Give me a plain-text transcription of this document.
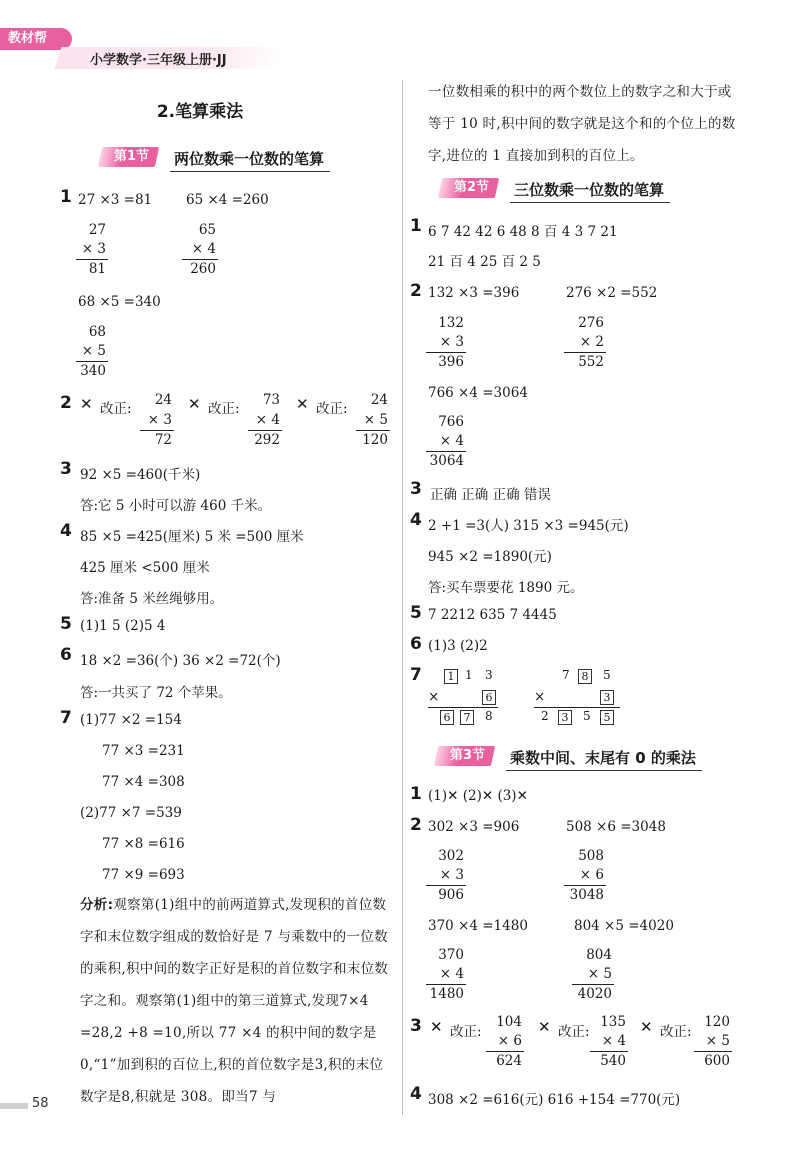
教材帮
小学数学·三年级上册·JJ
2.笔算乘法
第1节	两位数乘一位数的笔算
1 27 ×3 =81	65 ×4 =260
27
× 3
81
65
× 4
260
68 ×5 =340
68
× 5
340
2 ✕ 改正:
24
× 3
72
✕ 改正:
73
× 4
292
✕ 改正:
24
× 5
120
3 92 ×5 =460(千米)
答:它 5 小时可以游 460 千米。
4 85 ×5 =425(厘米) 5 米 =500 厘米
425 厘米 <500 厘米
答:准备 5 米丝绳够用。
5 (1)1 5 (2)5 4
6 18 ×2 =36(个) 36 ×2 =72(个)
答:一共买了 72 个苹果。
7 (1)77 ×2 =154
77 ×3 =231
77 ×4 =308
(2)77 ×7 =539
77 ×8 =616
77 ×9 =693
分析:观察第(1)组中的前两道算式,发现积的首位数字和末位数字组成的数恰好是 7 与乘数中的一位数的乘积,积中间的数字正好是积的首位数字和末位数字之和。观察第(1)组中的第三道算式,发现7×4 =28,2 +8 =10,所以 77 ×4 的积中间的数字是 0,“1”加到积的百位上,积的首位数字是3,积的末位数字是8,积就是 308。即当7 与
一位数相乘的积中的两个数位上的数字之和大于或等于 10 时,积中间的数字就是这个和的个位上的数字,进位的 1 直接加到积的百位上。
第2节	三位数乘一位数的笔算
1 6 7 42 42 6 48 8 百 4 3 7 21
21 百 4 25 百 2 5
2 132 ×3 =396	276 ×2 =552
132
× 3
396
276
× 2
552
766 ×4 =3064
766
× 4
3064
3 正确 正确 正确 错误
4 2 +1 =3(人) 315 ×3 =945(元)
945 ×2 =1890(元)
答:买车票要花 1890 元。
5 7 2212 635 7 4445
6 (1)3 (2)2
7	1 1 3
×	6
6	7 8
7	8 5
×	3
2	3 5	5
第3节	乘数中间、末尾有 0 的乘法
1 (1)✕ (2)✕ (3)✕
2 302 ×3 =906	508 ×6 =3048
302
× 3
906
508
× 6
3048
370 ×4 =1480	804 ×5 =4020
370
× 4
1480
804
× 5
4020
3 ✕ 改正:
104
× 6
624
✕ 改正:
135
× 4
540
✕ 改正:
120
× 5
600
4 308 ×2 =616(元) 616 +154 =770(元)
58
